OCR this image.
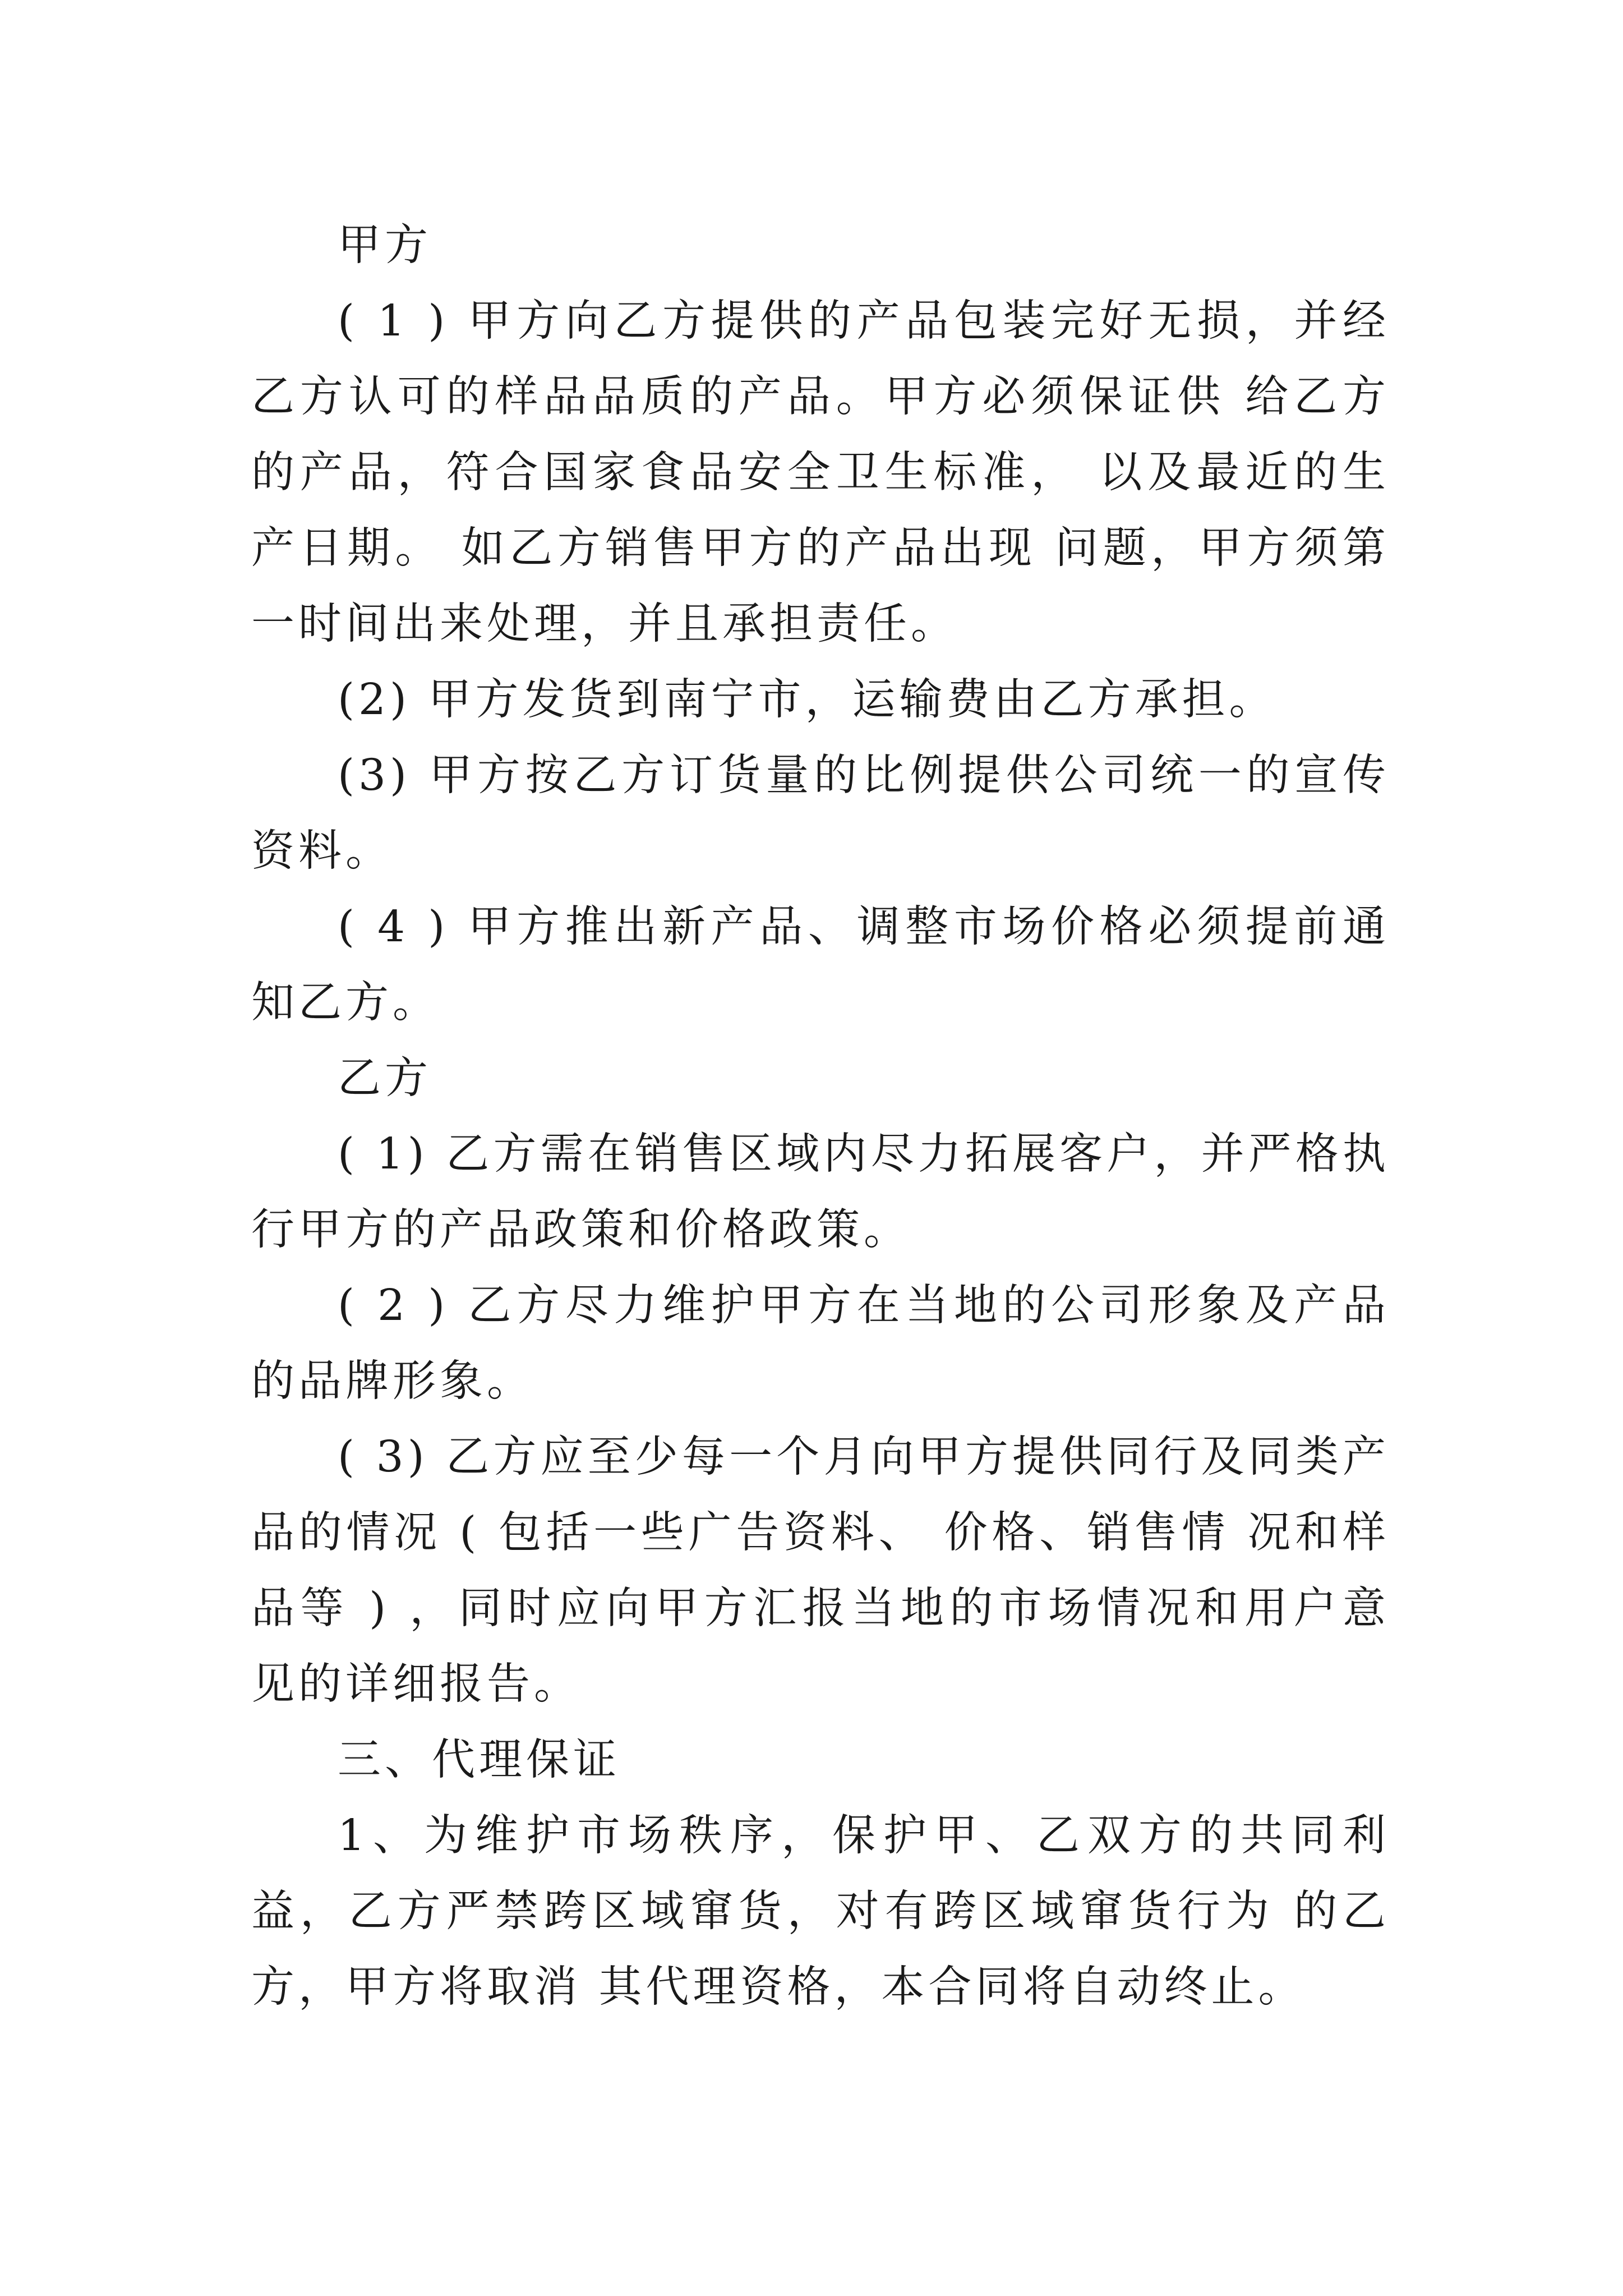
甲方

( 1 ) 甲方向乙方提供的产品包装完好无损，并经乙方认可的样品品质的产品。甲方必须保证供 给乙方的产品，符合国家食品安全卫生标准， 以及最近的生产日期。 如乙方销售甲方的产品出现 问题，甲方须第一时间出来处理，并且承担责任。

(2) 甲方发货到南宁市，运输费由乙方承担。

(3) 甲方按乙方订货量的比例提供公司统一的宣传资料。

( 4 ) 甲方推出新产品、调整市场价格必须提前通知乙方。

乙方

( 1) 乙方需在销售区域内尽力拓展客户，并严格执行甲方的产品政策和价格政策。

( 2 ) 乙方尽力维护甲方在当地的公司形象及产品的品牌形象。

( 3) 乙方应至少每一个月向甲方提供同行及同类产品的情况 ( 包括一些广告资料、 价格、销售情 况和样品等 ) ，同时应向甲方汇报当地的市场情况和用户意见的详细报告。

三、代理保证

1、为维护市场秩序，保护甲、乙双方的共同利益，乙方严禁跨区域窜货，对有跨区域窜货行为 的乙方，甲方将取消 其代理资格，本合同将自动终止。
